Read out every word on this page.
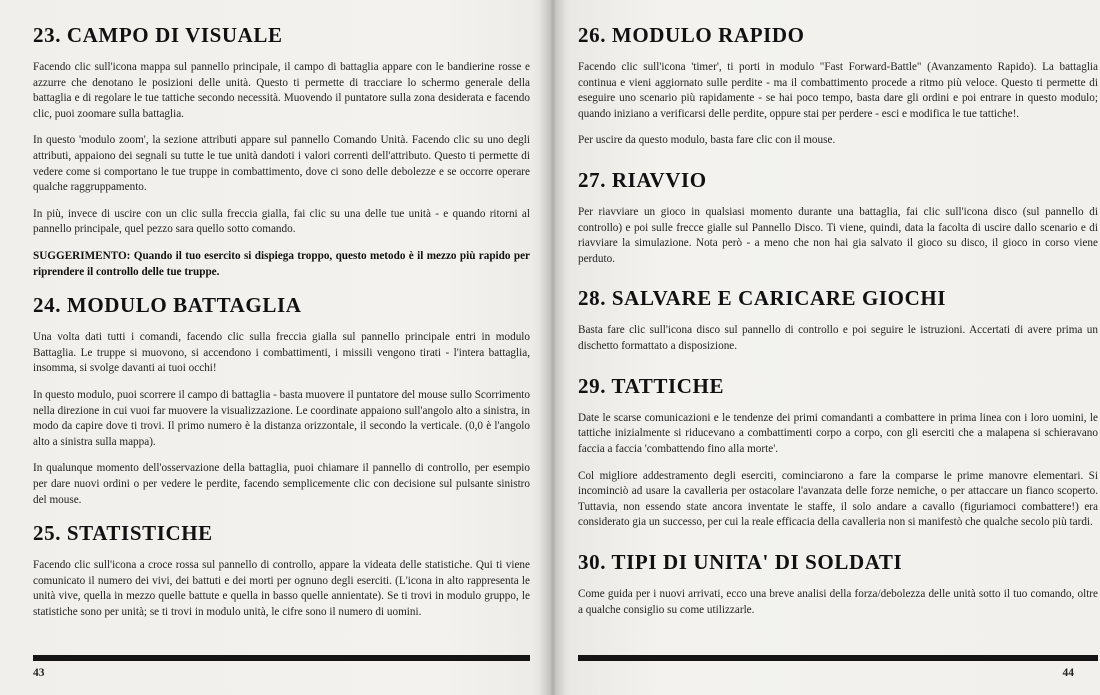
23. CAMPO DI VISUALE

Facendo clic sull'icona mappa sul pannello principale, il campo di battaglia appare con le bandierine rosse e azzurre che denotano le posizioni delle unità. Questo ti permette di tracciare lo schermo generale della battaglia e di regolare le tue tattiche secondo necessità. Muovendo il puntatore sulla zona desiderata e facendo clic, puoi zoomare sulla battaglia.

In questo 'modulo zoom', la sezione attributi appare sul pannello Comando Unità. Facendo clic su uno degli attributi, appaiono dei segnali su tutte le tue unità dandoti i valori correnti dell'attributo. Questo ti permette di vedere come si comportano le tue truppe in combattimento, dove ci sono delle debolezze e se occorre operare qualche raggruppamento.

In più, invece di uscire con un clic sulla freccia gialla, fai clic su una delle tue unità - e quando ritorni al pannello principale, quel pezzo sara quello sotto comando.

SUGGERIMENTO: Quando il tuo esercito si dispiega troppo, questo metodo è il mezzo più rapido per riprendere il controllo delle tue truppe.

24. MODULO BATTAGLIA

Una volta dati tutti i comandi, facendo clic sulla freccia gialla sul pannello principale entri in modulo Battaglia. Le truppe si muovono, si accendono i combattimenti, i missili vengono tirati - l'intera battaglia, insomma, si svolge davanti ai tuoi occhi!

In questo modulo, puoi scorrere il campo di battaglia - basta muovere il puntatore del mouse sullo Scorrimento nella direzione in cui vuoi far muovere la visualizzazione. Le coordinate appaiono sull'angolo alto a sinistra, in modo da capire dove ti trovi. Il primo numero è la distanza orizzontale, il secondo la verticale. (0,0 è l'angolo alto a sinistra sulla mappa).

In qualunque momento dell'osservazione della battaglia, puoi chiamare il pannello di controllo, per esempio per dare nuovi ordini o per vedere le perdite, facendo semplicemente clic con decisione sul pulsante sinistro del mouse.

25. STATISTICHE

Facendo clic sull'icona a croce rossa sul pannello di controllo, appare la videata delle statistiche. Qui ti viene comunicato il numero dei vivi, dei battuti e dei morti per ognuno degli eserciti. (L'icona in alto rappresenta le unità vive, quella in mezzo quelle battute e quella in basso quelle annientate). Se ti trovi in modulo gruppo, le statistiche sono per unità; se ti trovi in modulo unità, le cifre sono il numero di uomini.

43
26. MODULO RAPIDO

Facendo clic sull'icona 'timer', ti porti in modulo "Fast Forward-Battle" (Avanzamento Rapido). La battaglia continua e vieni aggiornato sulle perdite - ma il combattimento procede a ritmo più veloce. Questo ti permette di eseguire uno scenario più rapidamente - se hai poco tempo, basta dare gli ordini e poi entrare in questo modulo; quando iniziano a verificarsi delle perdite, oppure stai per perdere - esci e modifica le tue tattiche!.

Per uscire da questo modulo, basta fare clic con il mouse.

27. RIAVVIO

Per riavviare un gioco in qualsiasi momento durante una battaglia, fai clic sull'icona disco (sul pannello di controllo) e poi sulle frecce gialle sul Pannello Disco. Ti viene, quindi, data la facolta di uscire dallo scenario e di riavviare la simulazione. Nota però - a meno che non hai gia salvato il gioco su disco, il gioco in corso viene perduto.

28. SALVARE E CARICARE GIOCHI

Basta fare clic sull'icona disco sul pannello di controllo e poi seguire le istruzioni. Accertati di avere prima un dischetto formattato a disposizione.

29. TATTICHE

Date le scarse comunicazioni e le tendenze dei primi comandanti a combattere in prima linea con i loro uomini, le tattiche inizialmente si riducevano a combattimenti corpo a corpo, con gli eserciti che a malapena si schieravano faccia a faccia 'combattendo fino alla morte'.

Col migliore addestramento degli eserciti, cominciarono a fare la comparse le prime manovre elementari. Si incominciò ad usare la cavalleria per ostacolare l'avanzata delle forze nemiche, o per attaccare un fianco scoperto. Tuttavia, non essendo state ancora inventate le staffe, il solo andare a cavallo (figuriamoci combattere!) era considerato gia un successo, per cui la reale efficacia della cavalleria non si manifestò che qualche secolo più tardi.

30. TIPI DI UNITA' DI SOLDATI

Come guida per i nuovi arrivati, ecco una breve analisi della forza/debolezza delle unità sotto il tuo comando, oltre a qualche consiglio su come utilizzarle.

44
